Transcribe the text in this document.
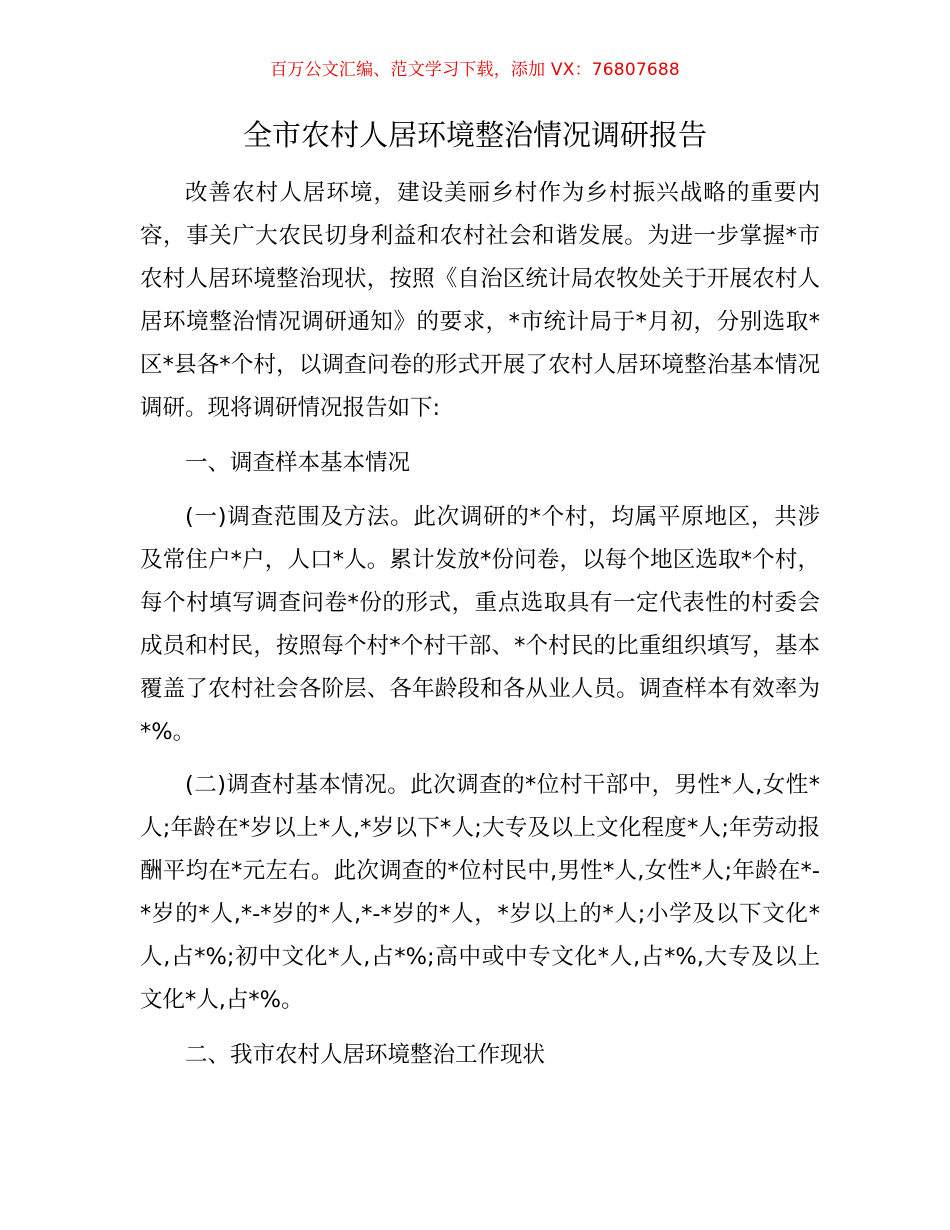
百万公文汇编、范文学习下载，添加 VX：76807688
全市农村人居环境整治情况调研报告

改善农村人居环境，建设美丽乡村作为乡村振兴战略的重要内容，事关广大农民切身利益和农村社会和谐发展。为进一步掌握*市农村人居环境整治现状，按照《自治区统计局农牧处关于开展农村人居环境整治情况调研通知》的要求，*市统计局于*月初，分别选取*区*县各*个村，以调查问卷的形式开展了农村人居环境整治基本情况调研。现将调研情况报告如下:

一、调查样本基本情况

(一)调查范围及方法。此次调研的*个村，均属平原地区，共涉及常住户*户，人口*人。累计发放*份问卷，以每个地区选取*个村，每个村填写调查问卷*份的形式，重点选取具有一定代表性的村委会成员和村民，按照每个村*个村干部、*个村民的比重组织填写，基本覆盖了农村社会各阶层、各年龄段和各从业人员。调查样本有效率为*%。

(二)调查村基本情况。此次调查的*位村干部中，男性*人,女性*人;年龄在*岁以上*人,*岁以下*人;大专及以上文化程度*人;年劳动报酬平均在*元左右。此次调查的*位村民中,男性*人,女性*人;年龄在*-*岁的*人,*-*岁的*人,*-*岁的*人，*岁以上的*人;小学及以下文化*人,占*%;初中文化*人,占*%;高中或中专文化*人,占*%,大专及以上文化*人,占*%。

二、我市农村人居环境整治工作现状
